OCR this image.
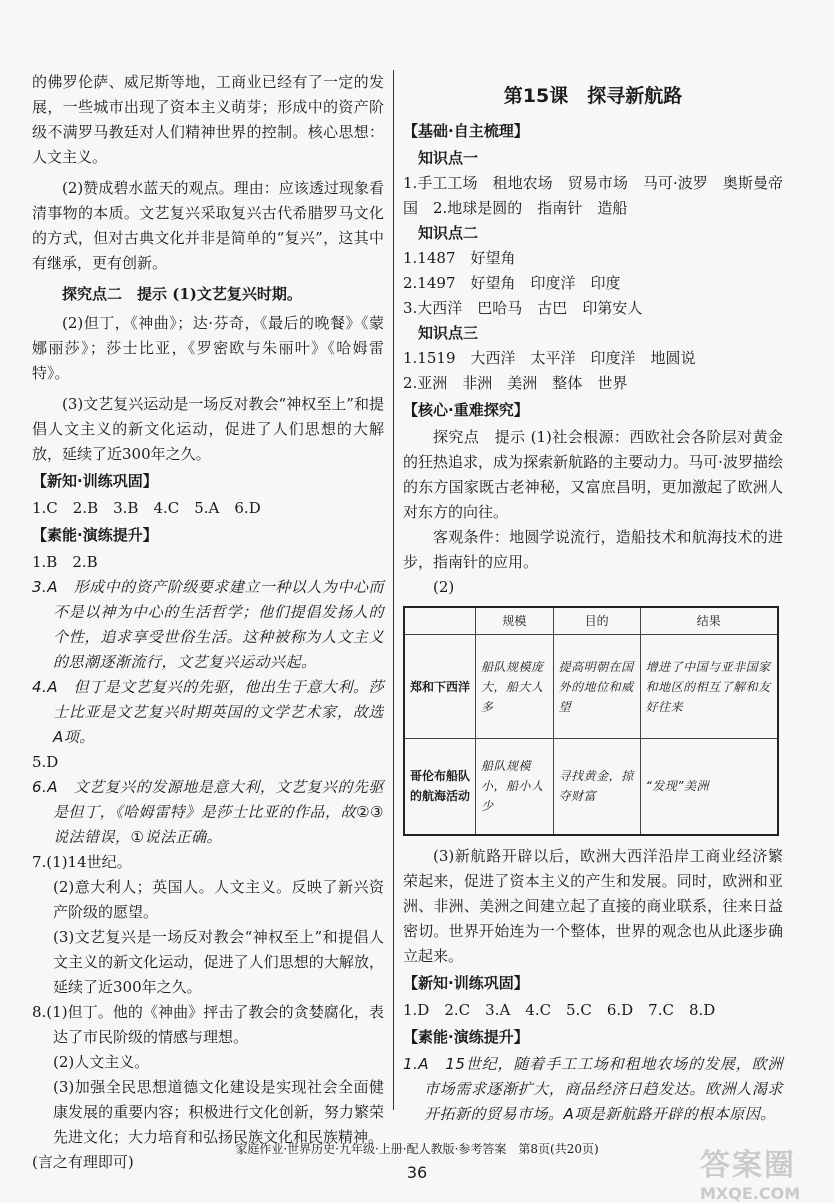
的佛罗伦萨、威尼斯等地，工商业已经有了一定的发展，一些城市出现了资本主义萌芽；形成中的资产阶级不满罗马教廷对人们精神世界的控制。核心思想：人文主义。

(2)赞成碧水蓝天的观点。理由：应该透过现象看清事物的本质。文艺复兴采取复兴古代希腊罗马文化的方式，但对古典文化并非是简单的“复兴”，这其中有继承，更有创新。

探究点二　提示 (1)文艺复兴时期。

(2)但丁，《神曲》；达·芬奇，《最后的晚餐》《蒙娜丽莎》；莎士比亚，《罗密欧与朱丽叶》《哈姆雷特》。

(3)文艺复兴运动是一场反对教会“神权至上”和提倡人文主义的新文化运动，促进了人们思想的大解放，延续了近300年之久。

【新知·训练巩固】

1.C　2.B　3.B　4.C　5.A　6.D

【素能·演练提升】

1.B　2.B

3.A　形成中的资产阶级要求建立一种以人为中心而不是以神为中心的生活哲学；他们提倡发扬人的个性，追求享受世俗生活。这种被称为人文主义的思潮逐渐流行，文艺复兴运动兴起。

4.A　但丁是文艺复兴的先驱，他出生于意大利。莎士比亚是文艺复兴时期英国的文学艺术家，故选A项。

5.D

6.A　文艺复兴的发源地是意大利，文艺复兴的先驱是但丁，《哈姆雷特》是莎士比亚的作品，故②③说法错误，①说法正确。

7.(1)14世纪。

(2)意大利人；英国人。人文主义。反映了新兴资产阶级的愿望。

(3)文艺复兴是一场反对教会“神权至上”和提倡人文主义的新文化运动，促进了人们思想的大解放，延续了近300年之久。

8.(1)但丁。他的《神曲》抨击了教会的贪婪腐化，表达了市民阶级的情感与理想。

(2)人文主义。

(3)加强全民思想道德文化建设是实现社会全面健康发展的重要内容；积极进行文化创新，努力繁荣先进文化；大力培育和弘扬民族文化和民族精神。

(言之有理即可)

第15课　探寻新航路
【基础·自主梳理】
知识点一

1.手工工场　租地农场　贸易市场　马可·波罗　奥斯曼帝国　2.地球是圆的　指南针　造船

知识点二

1.1487　好望角

2.1497　好望角　印度洋　印度

3.大西洋　巴哈马　古巴　印第安人

知识点三

1.1519　大西洋　太平洋　印度洋　地圆说

2.亚洲　非洲　美洲　整体　世界

【核心·重难探究】

探究点　提示 (1)社会根源：西欧社会各阶层对黄金的狂热追求，成为探索新航路的主要动力。马可·波罗描绘的东方国家既古老神秘，又富庶昌明，更加激起了欧洲人对东方的向往。

客观条件：地圆学说流行，造船技术和航海技术的进步，指南针的应用。

(2)

	规模	目的	结果
郑和下西洋	船队规模庞大，船大人多	提高明朝在国外的地位和威望	增进了中国与亚非国家和地区的相互了解和友好往来
哥伦布船队的航海活动	船队规模小，船小人少	寻找黄金，掠夺财富	“发现”美洲

(3)新航路开辟以后，欧洲大西洋沿岸工商业经济繁荣起来，促进了资本主义的产生和发展。同时，欧洲和亚洲、非洲、美洲之间建立起了直接的商业联系，往来日益密切。世界开始连为一个整体，世界的观念也从此逐步确立起来。

【新知·训练巩固】

1.D　2.C　3.A　4.C　5.C　6.D　7.C　8.D

【素能·演练提升】

1.A　15世纪，随着手工工场和租地农场的发展，欧洲市场需求逐渐扩大，商品经济日趋发达。欧洲人渴求开拓新的贸易市场。A项是新航路开辟的根本原因。

家庭作业·世界历史·九年级·上册·配人教版·参考答案　第8页(共20页)
36	答案圈
MXQE.COM
